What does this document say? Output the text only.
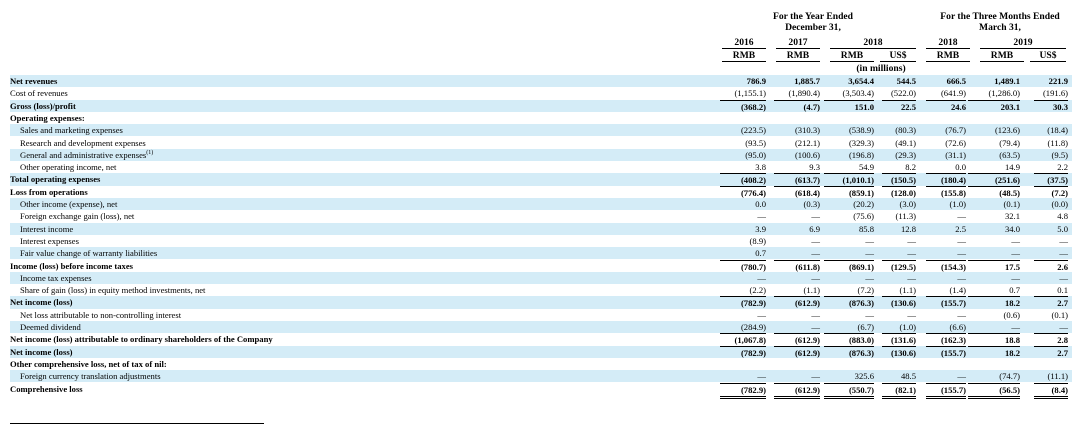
For the Year Ended December 31,
For the Three Months Ended March 31,
2016	2017	2018	2018	2019
RMB	RMB	RMB	US$	RMB	RMB	US$
(in millions)
Net revenues	786.9	1,885.7	3,654.4	544.5	666.5	1,489.1	221.9
Cost of revenues	(1,155.1)	(1,890.4)	(3,503.4)	(522.0)	(641.9)	(1,286.0)	(191.6)
Gross (loss)/profit	(368.2)	(4.7)	151.0	22.5	24.6	203.1	30.3
Operating expenses:
Sales and marketing expenses	(223.5)	(310.3)	(538.9)	(80.3)	(76.7)	(123.6)	(18.4)
Research and development expenses	(93.5)	(212.1)	(329.3)	(49.1)	(72.6)	(79.4)	(11.8)
General and administrative expenses$^{(1)}$	(95.0)	(100.6)	(196.8)	(29.3)	(31.1)	(63.5)	(9.5)
Other operating income, net	3.8	9.3	54.9	8.2	0.0	14.9	2.2
Total operating expenses	(408.2)	(613.7)	(1,010.1)	(150.5)	(180.4)	(251.6)	(37.5)
Loss from operations	(776.4)	(618.4)	(859.1)	(128.0)	(155.8)	(48.5)	(7.2)
Other income (expense), net	0.0	(0.3)	(20.2)	(3.0)	(1.0)	(0.1)	(0.0)
Foreign exchange gain (loss), net	—	—	(75.6)	(11.3)	—	32.1	4.8
Interest income	3.9	6.9	85.8	12.8	2.5	34.0	5.0
Interest expenses	(8.9)	—	—	—	—	—	—
Fair value change of warranty liabilities	0.7	—	—	—	—	—	—
Income (loss) before income taxes	(780.7)	(611.8)	(869.1)	(129.5)	(154.3)	17.5	2.6
Income tax expenses	—	—	—	—	—	—	—
Share of gain (loss) in equity method investments, net	(2.2)	(1.1)	(7.2)	(1.1)	(1.4)	0.7	0.1
Net income (loss)	(782.9)	(612.9)	(876.3)	(130.6)	(155.7)	18.2	2.7
Net loss attributable to non-controlling interest	—	—	—	—	—	(0.6)	(0.1)
Deemed dividend	(284.9)	—	(6.7)	(1.0)	(6.6)	—	—
Net income (loss) attributable to ordinary shareholders of the Company	(1,067.8)	(612.9)	(883.0)	(131.6)	(162.3)	18.8	2.8
Net income (loss)	(782.9)	(612.9)	(876.3)	(130.6)	(155.7)	18.2	2.7
Other comprehensive loss, net of tax of nil:
Foreign currency translation adjustments	—	—	325.6	48.5	—	(74.7)	(11.1)
Comprehensive loss	(782.9)	(612.9)	(550.7)	(82.1)	(155.7)	(56.5)	(8.4)
